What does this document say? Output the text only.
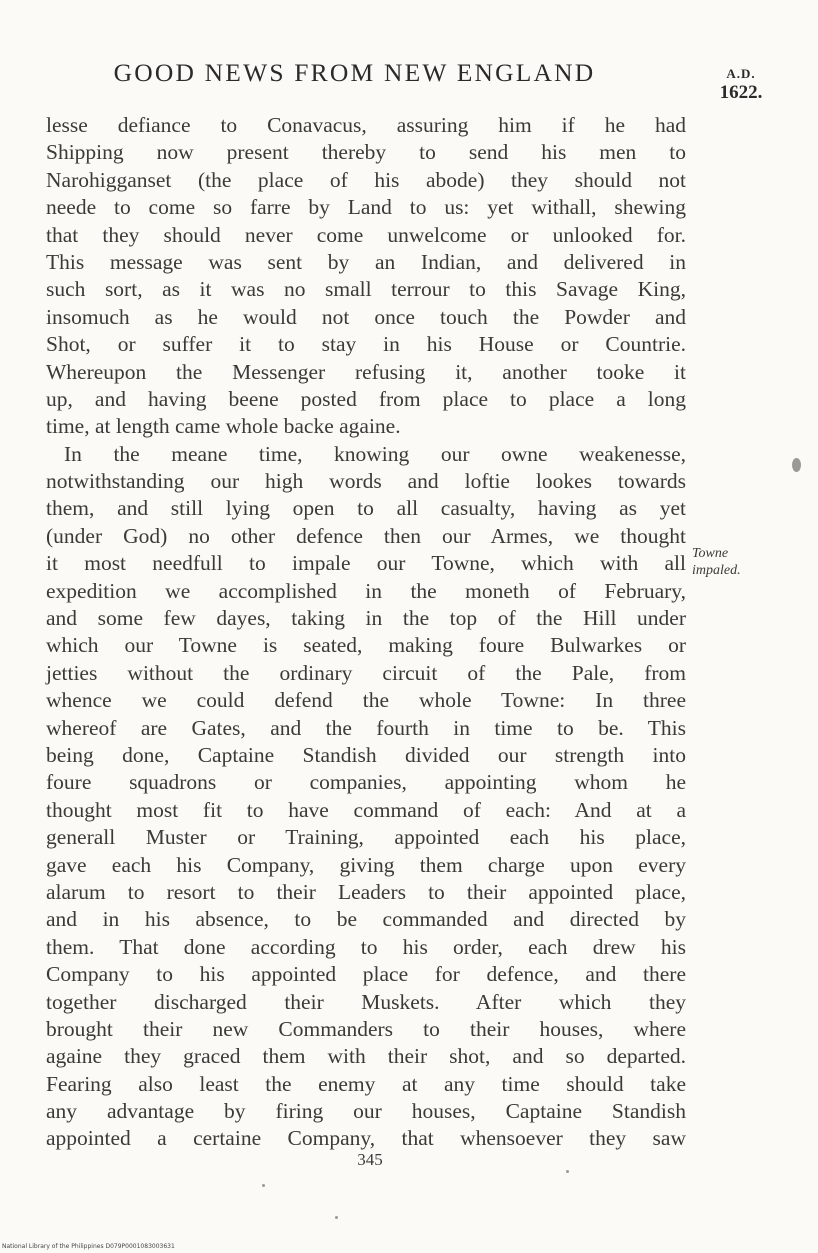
GOOD NEWS FROM NEW ENGLAND	A.D.
1622.
lesse defiance to Conavacus, assuring him if he had
Shipping now present thereby to send his men to
Narohigganset (the place of his abode) they should not
neede to come so farre by Land to us: yet withall, shewing
that they should never come unwelcome or unlooked for.
This message was sent by an Indian, and delivered in
such sort, as it was no small terrour to this Savage King,
insomuch as he would not once touch the Powder and
Shot, or suffer it to stay in his House or Countrie.
Whereupon the Messenger refusing it, another tooke it
up, and having beene posted from place to place a long
time, at length came whole backe againe.
In the meane time, knowing our owne weakenesse,
notwithstanding our high words and loftie lookes towards
them, and still lying open to all casualty, having as yet
(under God) no other defence then our Armes, we thought
it most needfull to impale our Towne, which with all
expedition we accomplished in the moneth of February,
and some few dayes, taking in the top of the Hill under
which our Towne is seated, making foure Bulwarkes or
jetties without the ordinary circuit of the Pale, from
whence we could defend the whole Towne: In three
whereof are Gates, and the fourth in time to be. This
being done, Captaine Standish divided our strength into
foure squadrons or companies, appointing whom he
thought most fit to have command of each: And at a
generall Muster or Training, appointed each his place,
gave each his Company, giving them charge upon every
alarum to resort to their Leaders to their appointed place,
and in his absence, to be commanded and directed by
them. That done according to his order, each drew his
Company to his appointed place for defence, and there
together discharged their Muskets. After which they
brought their new Commanders to their houses, where
againe they graced them with their shot, and so departed.
Fearing also least the enemy at any time should take
any advantage by firing our houses, Captaine Standish
appointed a certaine Company, that whensoever they saw
Towne
impaled.
345
National Library of the Philippines D079P0001083003631
